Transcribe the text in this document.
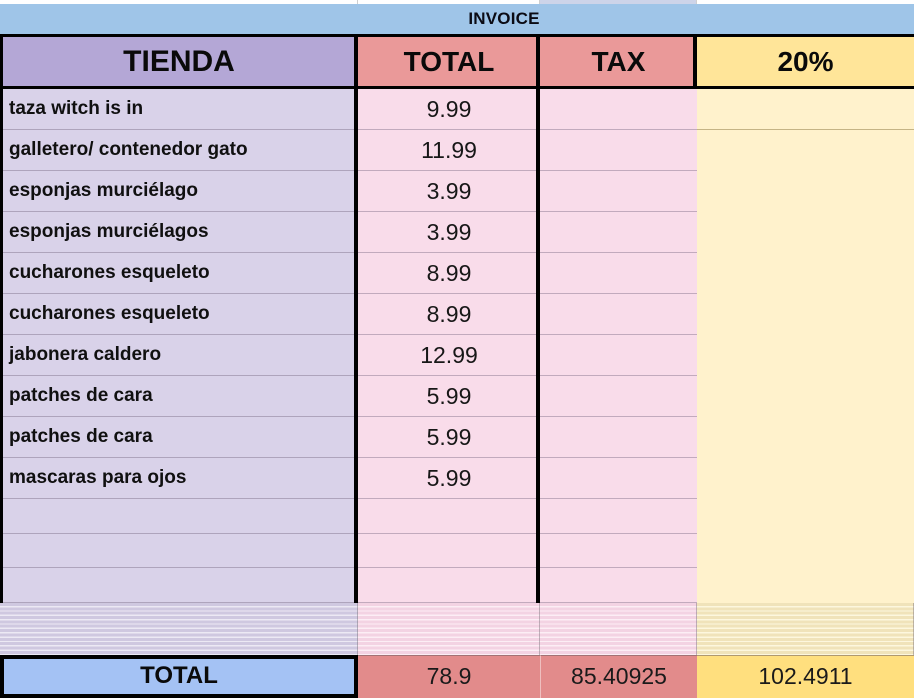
INVOICE
TIENDA	TOTAL	TAX	20%
taza witch is in	9.99
galletero/ contenedor gato	11.99
esponjas murciélago	3.99
esponjas murciélagos	3.99
cucharones esqueleto	8.99
cucharones esqueleto	8.99
jabonera caldero	12.99
patches de cara	5.99
patches de cara	5.99
mascaras para ojos	5.99
TOTAL	78.9	85.40925	102.4911
